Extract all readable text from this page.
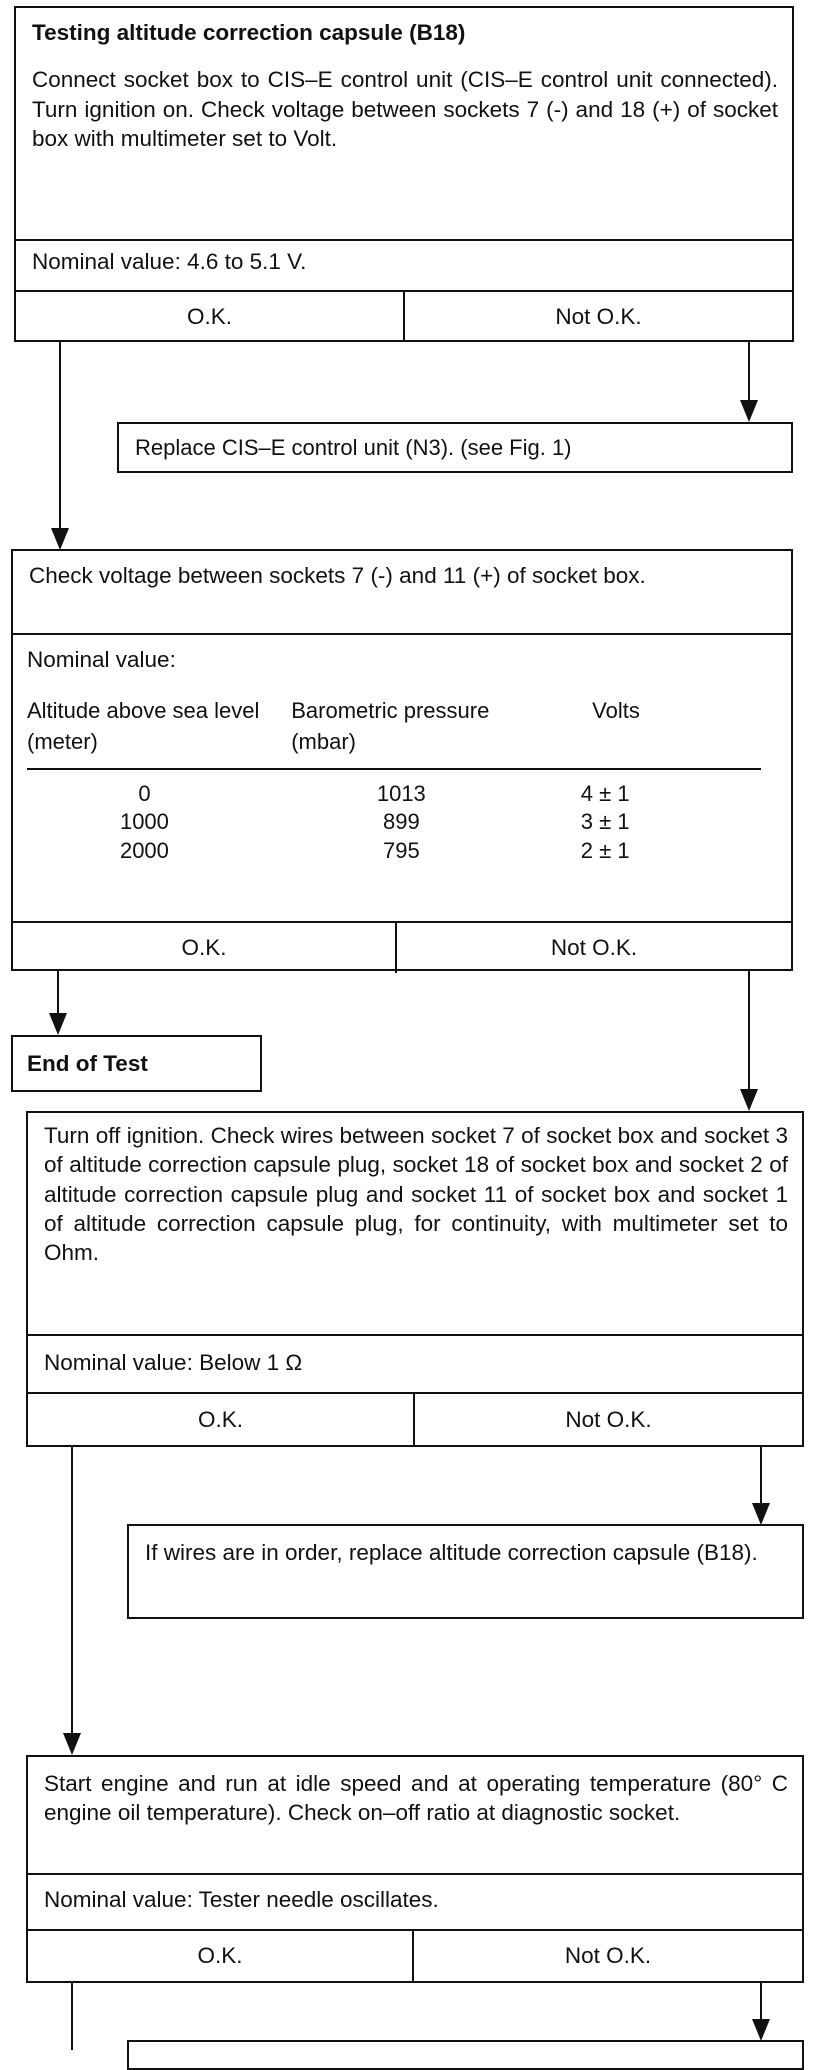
Testing altitude correction capsule (B18)
Connect socket box to CIS–E control unit (CIS–E control unit connected). Turn ignition on. Check voltage between sockets 7 (-) and 18 (+) of socket box with multimeter set to Volt.
Nominal value: 4.6 to 5.1 V.
O.K.	Not O.K.
Replace CIS–E control unit (N3). (see Fig. 1)
Check voltage between sockets 7 (-) and 11 (+) of socket box.
Nominal value:
Altitude above sea level (meter)	Barometric pressure (mbar)	Volts
0	1013	4 ± 1
1000	899	3 ± 1
2000	795	2 ± 1
O.K.	Not O.K.
End of Test
Turn off ignition. Check wires between socket 7 of socket box and socket 3 of altitude correction capsule plug, socket 18 of socket box and socket 2 of altitude correction capsule plug and socket 11 of socket box and socket 1 of altitude correction capsule plug, for continuity, with multimeter set to Ohm.
Nominal value: Below 1 Ω
O.K.	Not O.K.
If wires are in order, replace altitude correction capsule (B18).
Start engine and run at idle speed and at operating temperature (80° C engine oil temperature). Check on–off ratio at diagnostic socket.
Nominal value: Tester needle oscillates.
O.K.	Not O.K.
